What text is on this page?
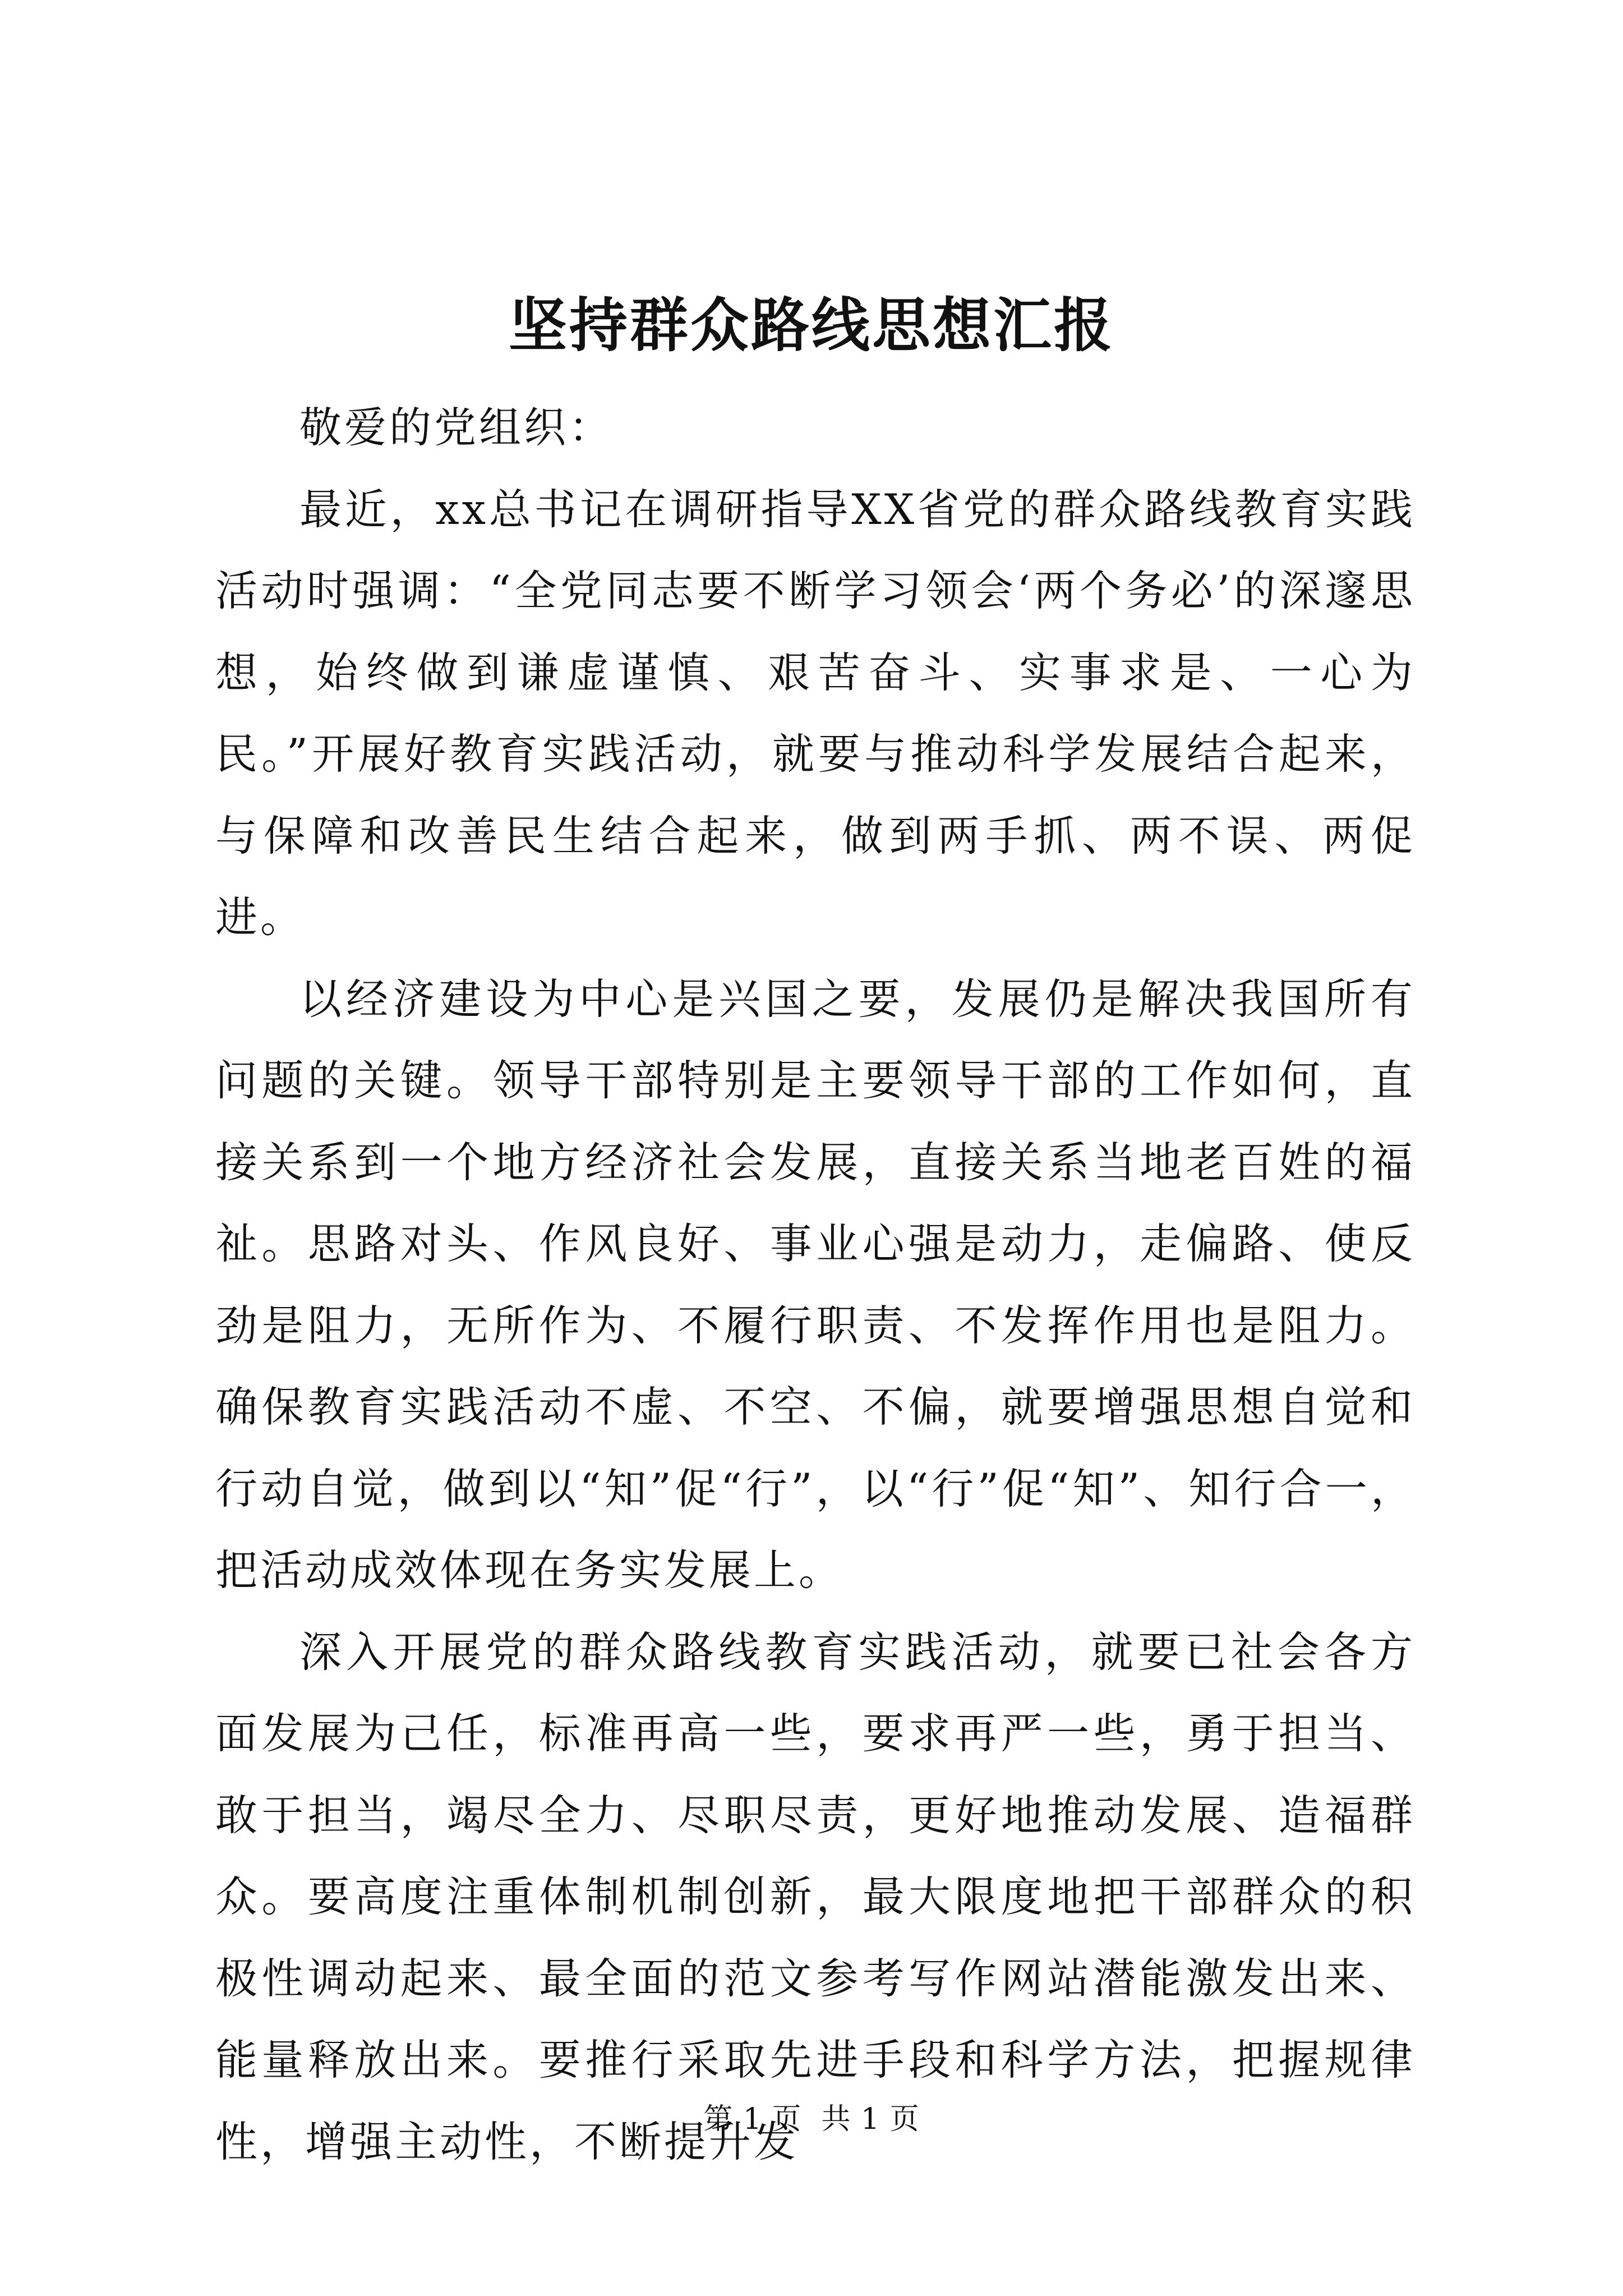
坚持群众路线思想汇报

敬爱的党组织：

最近，xx总书记在调研指导XX省党的群众路线教育实践活动时强调：“全党同志要不断学习领会‘两个务必’的深邃思想，始终做到谦虚谨慎、艰苦奋斗、实事求是、一心为民。”开展好教育实践活动，就要与推动科学发展结合起来，与保障和改善民生结合起来，做到两手抓、两不误、两促进。

以经济建设为中心是兴国之要，发展仍是解决我国所有问题的关键。领导干部特别是主要领导干部的工作如何，直接关系到一个地方经济社会发展，直接关系当地老百姓的福祉。思路对头、作风良好、事业心强是动力，走偏路、使反劲是阻力，无所作为、不履行职责、不发挥作用也是阻力。确保教育实践活动不虚、不空、不偏，就要增强思想自觉和行动自觉，做到以“知”促“行”，以“行”促“知”、知行合一，把活动成效体现在务实发展上。

深入开展党的群众路线教育实践活动，就要已社会各方面发展为己任，标准再高一些，要求再严一些，勇于担当、敢于担当，竭尽全力、尽职尽责，更好地推动发展、造福群众。要高度注重体制机制创新，最大限度地把干部群众的积极性调动起来、最全面的范文参考写作网站潜能激发出来、能量释放出来。要推行采取先进手段和科学方法，把握规律性，增强主动性，不断提升发

第 1 页  共 1 页
